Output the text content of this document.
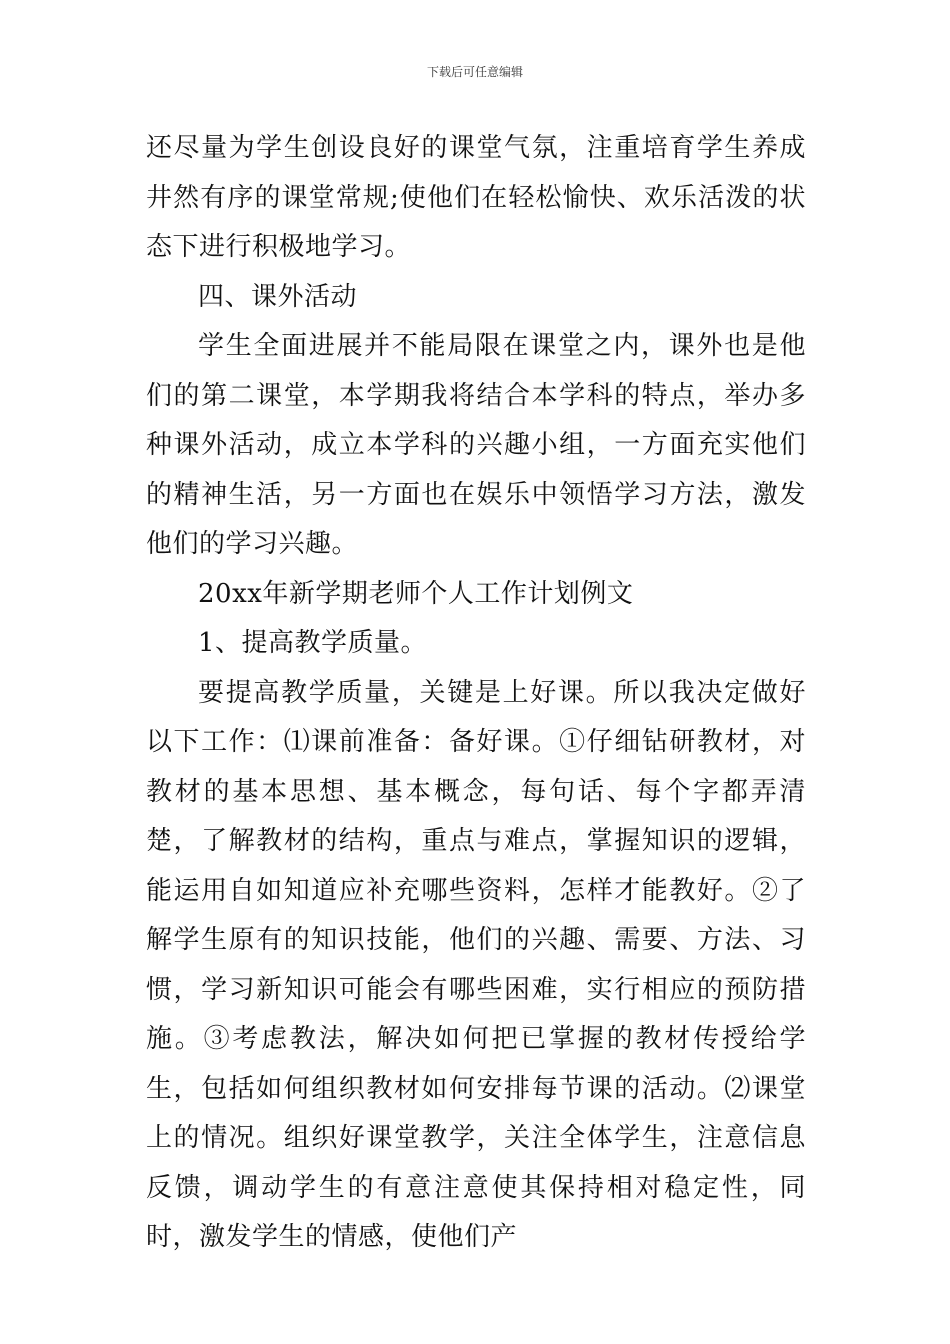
下载后可任意编辑

还尽量为学生创设良好的课堂气氛，注重培育学生养成井然有序的课堂常规;使他们在轻松愉快、欢乐活泼的状态下进行积极地学习。

四、课外活动

学生全面进展并不能局限在课堂之内，课外也是他们的第二课堂，本学期我将结合本学科的特点，举办多种课外活动，成立本学科的兴趣小组，一方面充实他们的精神生活，另一方面也在娱乐中领悟学习方法，激发他们的学习兴趣。

20xx年新学期老师个人工作计划例文

1、提高教学质量。

要提高教学质量，关键是上好课。所以我决定做好以下工作：⑴课前准备：备好课。①仔细钻研教材，对教材的基本思想、基本概念，每句话、每个字都弄清楚，了解教材的结构，重点与难点，掌握知识的逻辑，能运用自如知道应补充哪些资料，怎样才能教好。②了解学生原有的知识技能，他们的兴趣、需要、方法、习惯，学习新知识可能会有哪些困难，实行相应的预防措施。③考虑教法，解决如何把已掌握的教材传授给学生，包括如何组织教材如何安排每节课的活动。⑵课堂上的情况。组织好课堂教学，关注全体学生，注意信息反馈，调动学生的有意注意使其保持相对稳定性，同时，激发学生的情感，使他们产
